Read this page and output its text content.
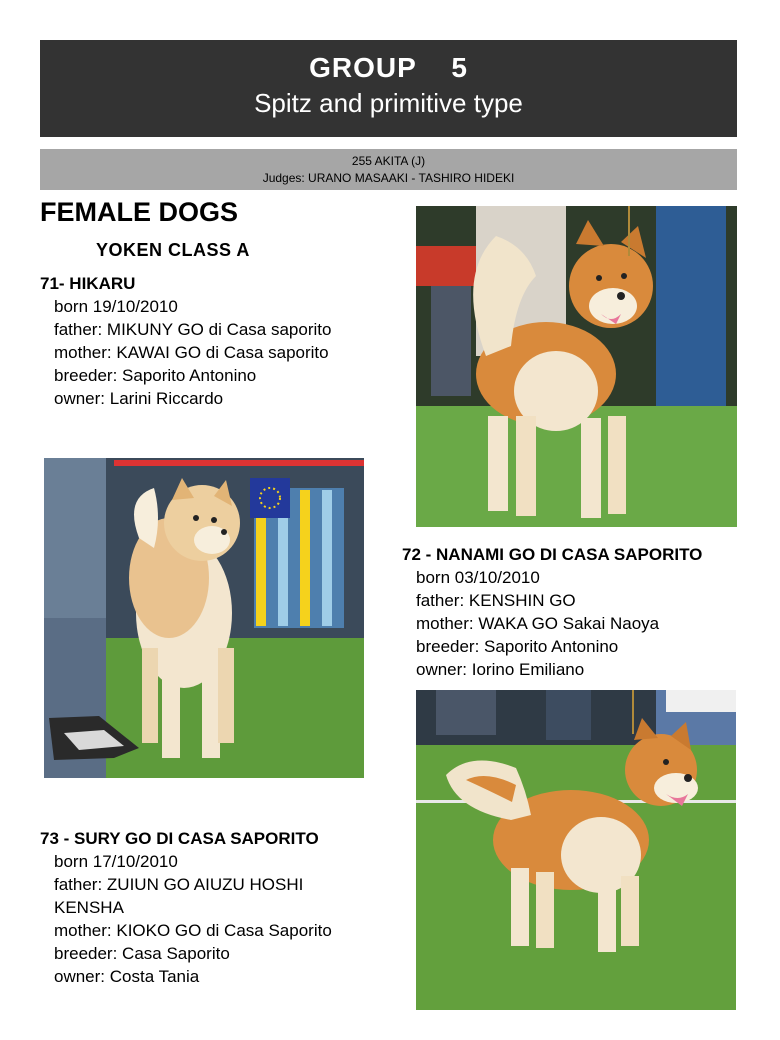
GROUP    5
Spitz and primitive type
255 AKITA (J)
Judges: URANO MASAAKI - TASHIRO HIDEKI
FEMALE DOGS
YOKEN CLASS A
71- HIKARU
born 19/10/2010
father: MIKUNY GO di Casa saporito
mother: KAWAI GO di Casa saporito
breeder: Saporito Antonino
owner: Larini Riccardo
72 - NANAMI GO DI CASA SAPORITO
born 03/10/2010
father: KENSHIN GO
mother: WAKA GO Sakai Naoya
breeder: Saporito Antonino
owner: Iorino Emiliano
73 - SURY GO DI CASA SAPORITO
born 17/10/2010
father: ZUIUN GO AIUZU HOSHI
KENSHA
mother: KIOKO GO di Casa Saporito
breeder: Casa Saporito
owner: Costa Tania
